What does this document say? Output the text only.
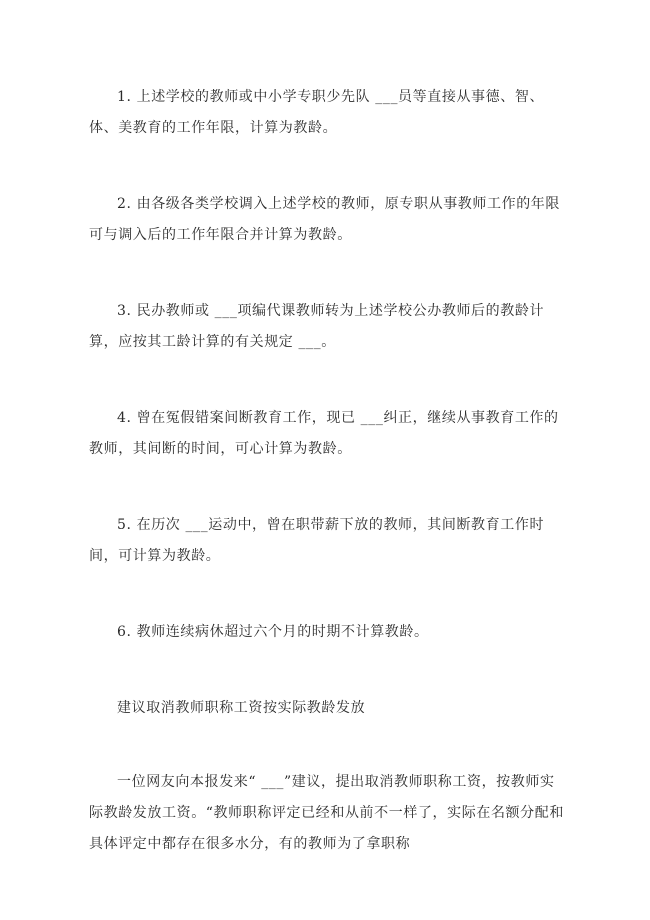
1. 上述学校的教师或中小学专职少先队 ___员等直接从事德、智、体、美教育的工作年限，计算为教龄。

2. 由各级各类学校调入上述学校的教师，原专职从事教师工作的年限可与调入后的工作年限合并计算为教龄。

3. 民办教师或 ___项编代课教师转为上述学校公办教师后的教龄计算，应按其工龄计算的有关规定 ___。

4. 曾在冤假错案间断教育工作，现已 ___纠正，继续从事教育工作的教师，其间断的时间，可心计算为教龄。

5. 在历次 ___运动中，曾在职带薪下放的教师，其间断教育工作时间，可计算为教龄。

6. 教师连续病休超过六个月的时期不计算教龄。

建议取消教师职称工资按实际教龄发放

一位网友向本报发来“ ___”建议，提出取消教师职称工资，按教师实际教龄发放工资。“教师职称评定已经和从前不一样了，实际在名额分配和具体评定中都存在很多水分，有的教师为了拿职称
